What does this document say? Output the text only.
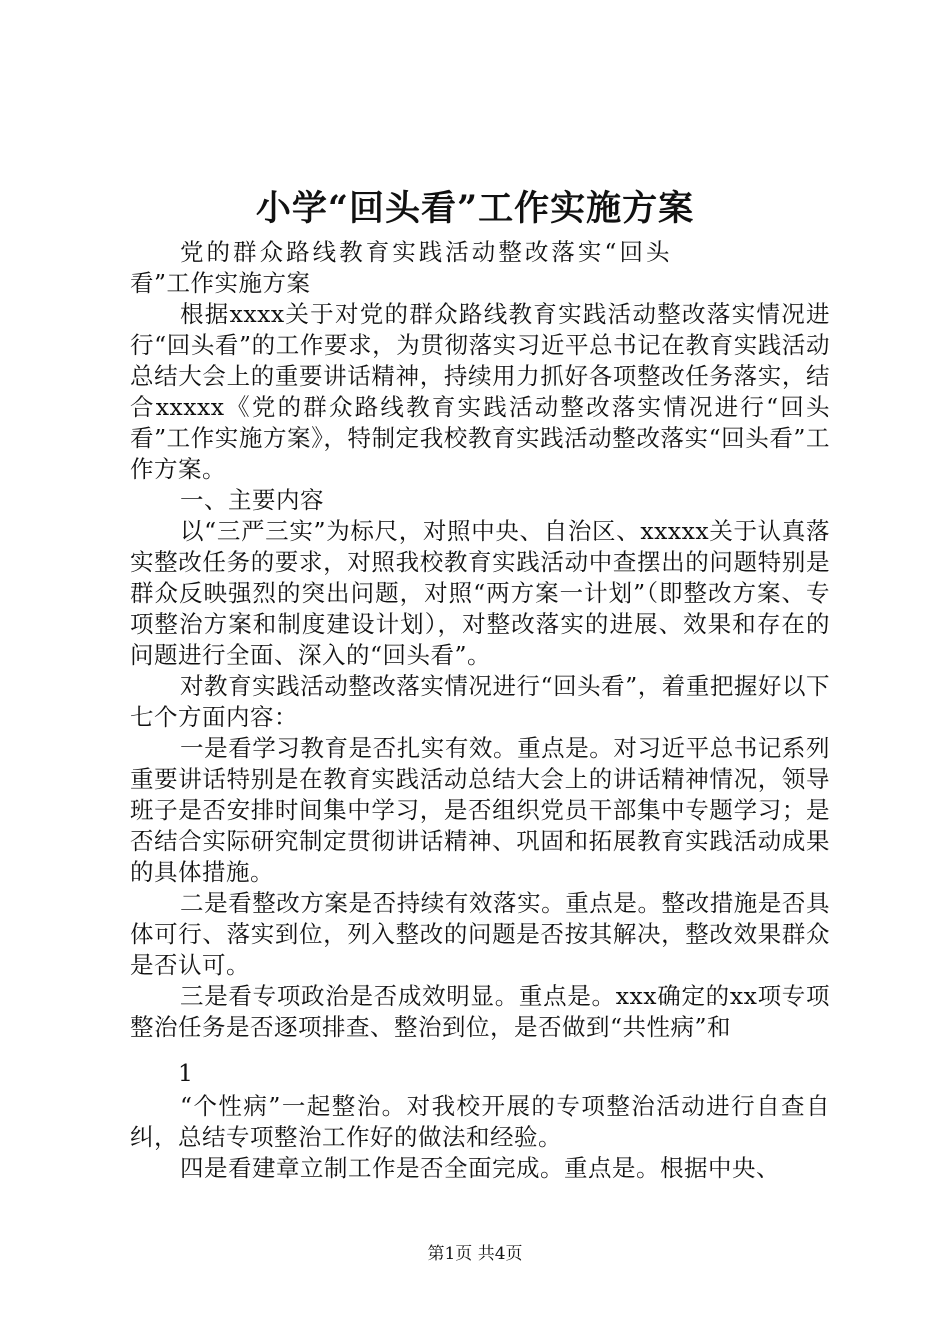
小学“回头看”工作实施方案

党的群众路线教育实践活动整改落实“回头看”工作实施方案

根据xxxx关于对党的群众路线教育实践活动整改落实情况进行“回头看”的工作要求，为贯彻落实习近平总书记在教育实践活动总结大会上的重要讲话精神，持续用力抓好各项整改任务落实，结合xxxxx《党的群众路线教育实践活动整改落实情况进行“回头看”工作实施方案》，特制定我校教育实践活动整改落实“回头看”工作方案。

一、主要内容

以“三严三实”为标尺，对照中央、自治区、xxxxx关于认真落实整改任务的要求，对照我校教育实践活动中查摆出的问题特别是群众反映强烈的突出问题，对照“两方案一计划”（即整改方案、专项整治方案和制度建设计划），对整改落实的进展、效果和存在的问题进行全面、深入的“回头看”。

对教育实践活动整改落实情况进行“回头看”，着重把握好以下七个方面内容：

一是看学习教育是否扎实有效。重点是。对习近平总书记系列重要讲话特别是在教育实践活动总结大会上的讲话精神情况，领导班子是否安排时间集中学习，是否组织党员干部集中专题学习；是否结合实际研究制定贯彻讲话精神、巩固和拓展教育实践活动成果的具体措施。

二是看整改方案是否持续有效落实。重点是。整改措施是否具体可行、落实到位，列入整改的问题是否按其解决，整改效果群众是否认可。

三是看专项政治是否成效明显。重点是。xxx确定的xx项专项整治任务是否逐项排查、整治到位，是否做到“共性病”和

1

“个性病”一起整治。对我校开展的专项整治活动进行自查自纠，总结专项整治工作好的做法和经验。

四是看建章立制工作是否全面完成。重点是。根据中央、

第1页 共4页
